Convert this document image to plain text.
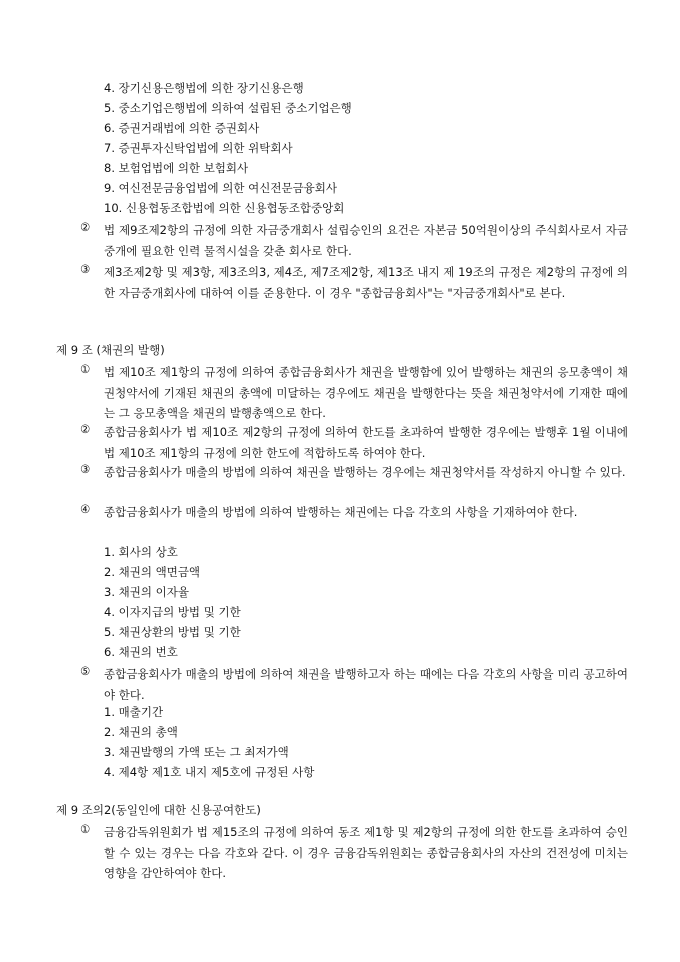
4. 장기신용은행법에 의한 장기신용은행
5. 중소기업은행법에 의하여 설립된 중소기업은행
6. 증권거래법에 의한 증권회사
7. 증권투자신탁업법에 의한 위탁회사
8. 보험업법에 의한 보험회사
9. 여신전문금융업법에 의한 여신전문금융회사
10. 신용협동조합법에 의한 신용협동조합중앙회
② 법 제9조제2항의 규정에 의한 자금중개회사 설립승인의 요건은 자본금 50억원이상의 주식회사로서 자금중개에 필요한 인력 물적시설을 갖춘 회사로 한다.
③ 제3조제2항 및 제3항, 제3조의3, 제4조, 제7조제2항, 제13조 내지 제 19조의 규정은 제2항의 규정에 의한 자금중개회사에 대하여 이를 준용한다. 이 경우 "종합금융회사"는 "자금중개회사"로 본다.
제 9 조 (채권의 발행)
① 법 제10조 제1항의 규정에 의하여 종합금융회사가 채권을 발행함에 있어 발행하는 채권의 응모총액이 채권청약서에 기재된 채권의 총액에 미달하는 경우에도 채권을 발행한다는 뜻을 채권청약서에 기재한 때에는 그 응모총액을 채권의 발행총액으로 한다.
② 종합금융회사가 법 제10조 제2항의 규정에 의하여 한도를 초과하여 발행한 경우에는 발행후 1월 이내에 법 제10조 제1항의 규정에 의한 한도에 적합하도록 하여야 한다.
③ 종합금융회사가 매출의 방법에 의하여 채권을 발행하는 경우에는 채권청약서를 작성하지 아니할 수 있다.
④ 종합금융회사가 매출의 방법에 의하여 발행하는 채권에는 다음 각호의 사항을 기재하여야 한다.
1. 회사의 상호
2. 채권의 액면금액
3. 채권의 이자율
4. 이자지급의 방법 및 기한
5. 채권상환의 방법 및 기한
6. 채권의 번호
⑤ 종합금융회사가 매출의 방법에 의하여 채권을 발행하고자 하는 때에는 다음 각호의 사항을 미리 공고하여야 한다.
1. 매출기간
2. 채권의 총액
3. 채권발행의 가액 또는 그 최저가액
4. 제4항 제1호 내지 제5호에 규정된 사항
제 9 조의2(동일인에 대한 신용공여한도)
① 금융감독위원회가 법 제15조의 규정에 의하여 동조 제1항 및 제2항의 규정에 의한 한도를 초과하여 승인할 수 있는 경우는 다음 각호와 같다. 이 경우 금융감독위원회는 종합금융회사의 자산의 건전성에 미치는 영향을 감안하여야 한다.
